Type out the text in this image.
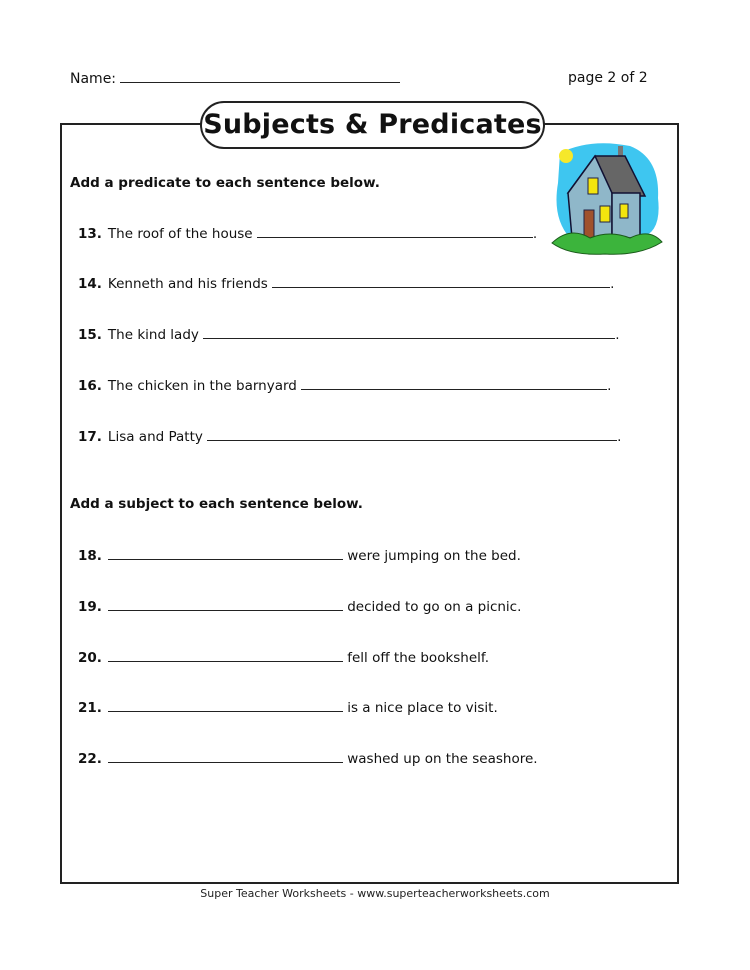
Name:	page 2 of 2
Subjects & Predicates
Add a predicate to each sentence below.
13. The roof of the house	.
14. Kenneth and his friends	.
15. The kind lady	.
16. The chicken in the barnyard	.
17. Lisa and Patty	.
Add a subject to each sentence below.
18.	were jumping on the bed.
19.	decided to go on a picnic.
20.	fell off the bookshelf.
21.	is a nice place to visit.
22.	washed up on the seashore.
Super Teacher Worksheets - www.superteacherworksheets.com
